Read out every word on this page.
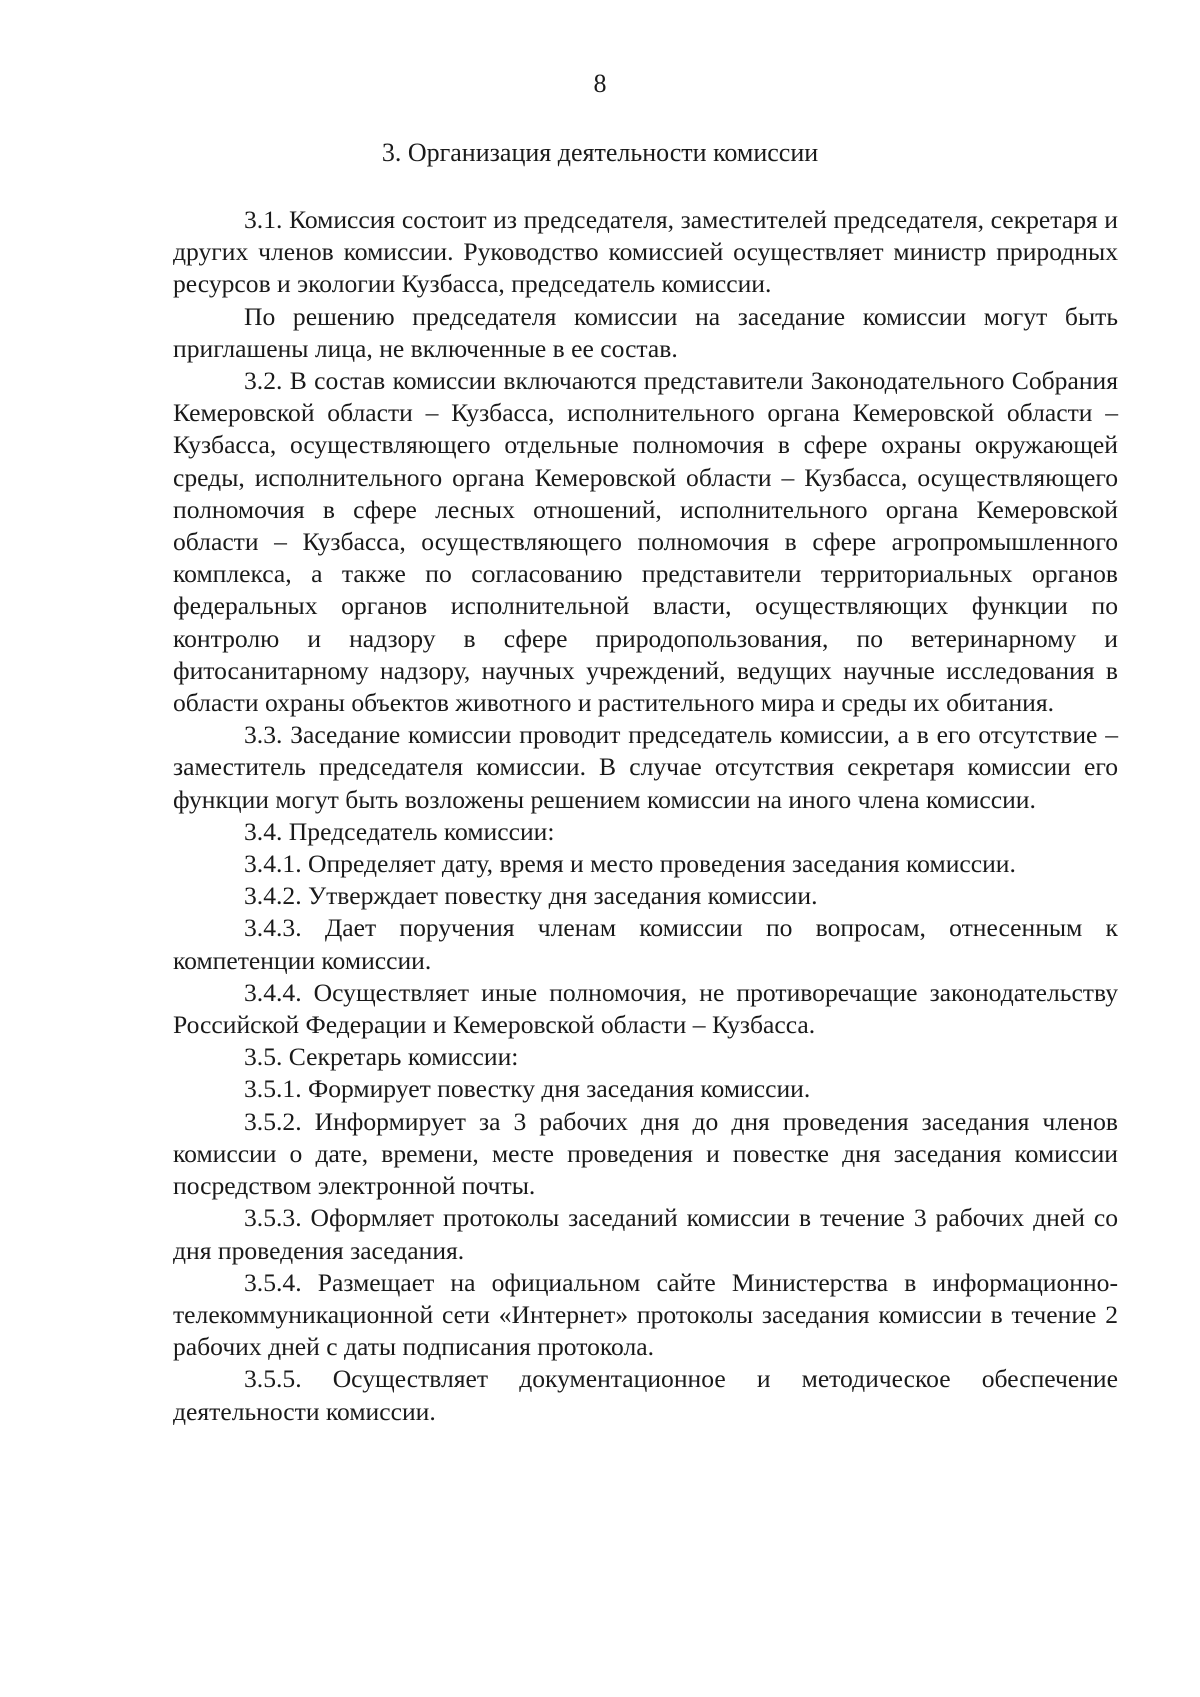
8
3. Организация деятельности комиссии

3.1. Комиссия состоит из председателя, заместителей председателя, секретаря и других членов комиссии. Руководство комиссией осуществляет министр природных ресурсов и экологии Кузбасса, председатель комиссии.

По решению председателя комиссии на заседание комиссии могут быть приглашены лица, не включенные в ее состав.

3.2. В состав комиссии включаются представители Законодательного Собрания Кемеровской области – Кузбасса, исполнительного органа Кемеровской области – Кузбасса, осуществляющего отдельные полномочия в сфере охраны окружающей среды, исполнительного органа Кемеровской области – Кузбасса, осуществляющего полномочия в сфере лесных отношений, исполнительного органа Кемеровской области – Кузбасса, осуществляющего полномочия в сфере агропромышленного комплекса, а также по согласованию представители территориальных органов федеральных органов исполнительной власти, осуществляющих функции по контролю и надзору в сфере природопользования, по ветеринарному и фитосанитарному надзору, научных учреждений, ведущих научные исследования в области охраны объектов животного и растительного мира и среды их обитания.

3.3. Заседание комиссии проводит председатель комиссии, а в его отсутствие – заместитель председателя комиссии. В случае отсутствия секретаря комиссии его функции могут быть возложены решением комиссии на иного члена комиссии.

3.4. Председатель комиссии:

3.4.1. Определяет дату, время и место проведения заседания комиссии.

3.4.2. Утверждает повестку дня заседания комиссии.

3.4.3. Дает поручения членам комиссии по вопросам, отнесенным к компетенции комиссии.

3.4.4. Осуществляет иные полномочия, не противоречащие законодательству Российской Федерации и Кемеровской области – Кузбасса.

3.5. Секретарь комиссии:

3.5.1. Формирует повестку дня заседания комиссии.

3.5.2. Информирует за 3 рабочих дня до дня проведения заседания членов комиссии о дате, времени, месте проведения и повестке дня заседания комиссии посредством электронной почты.

3.5.3. Оформляет протоколы заседаний комиссии в течение 3 рабочих дней со дня проведения заседания.

3.5.4. Размещает на официальном сайте Министерства в информационно-телекоммуникационной сети «Интернет» протоколы заседания комиссии в течение 2 рабочих дней с даты подписания протокола.

3.5.5. Осуществляет документационное и методическое обеспечение деятельности комиссии.
